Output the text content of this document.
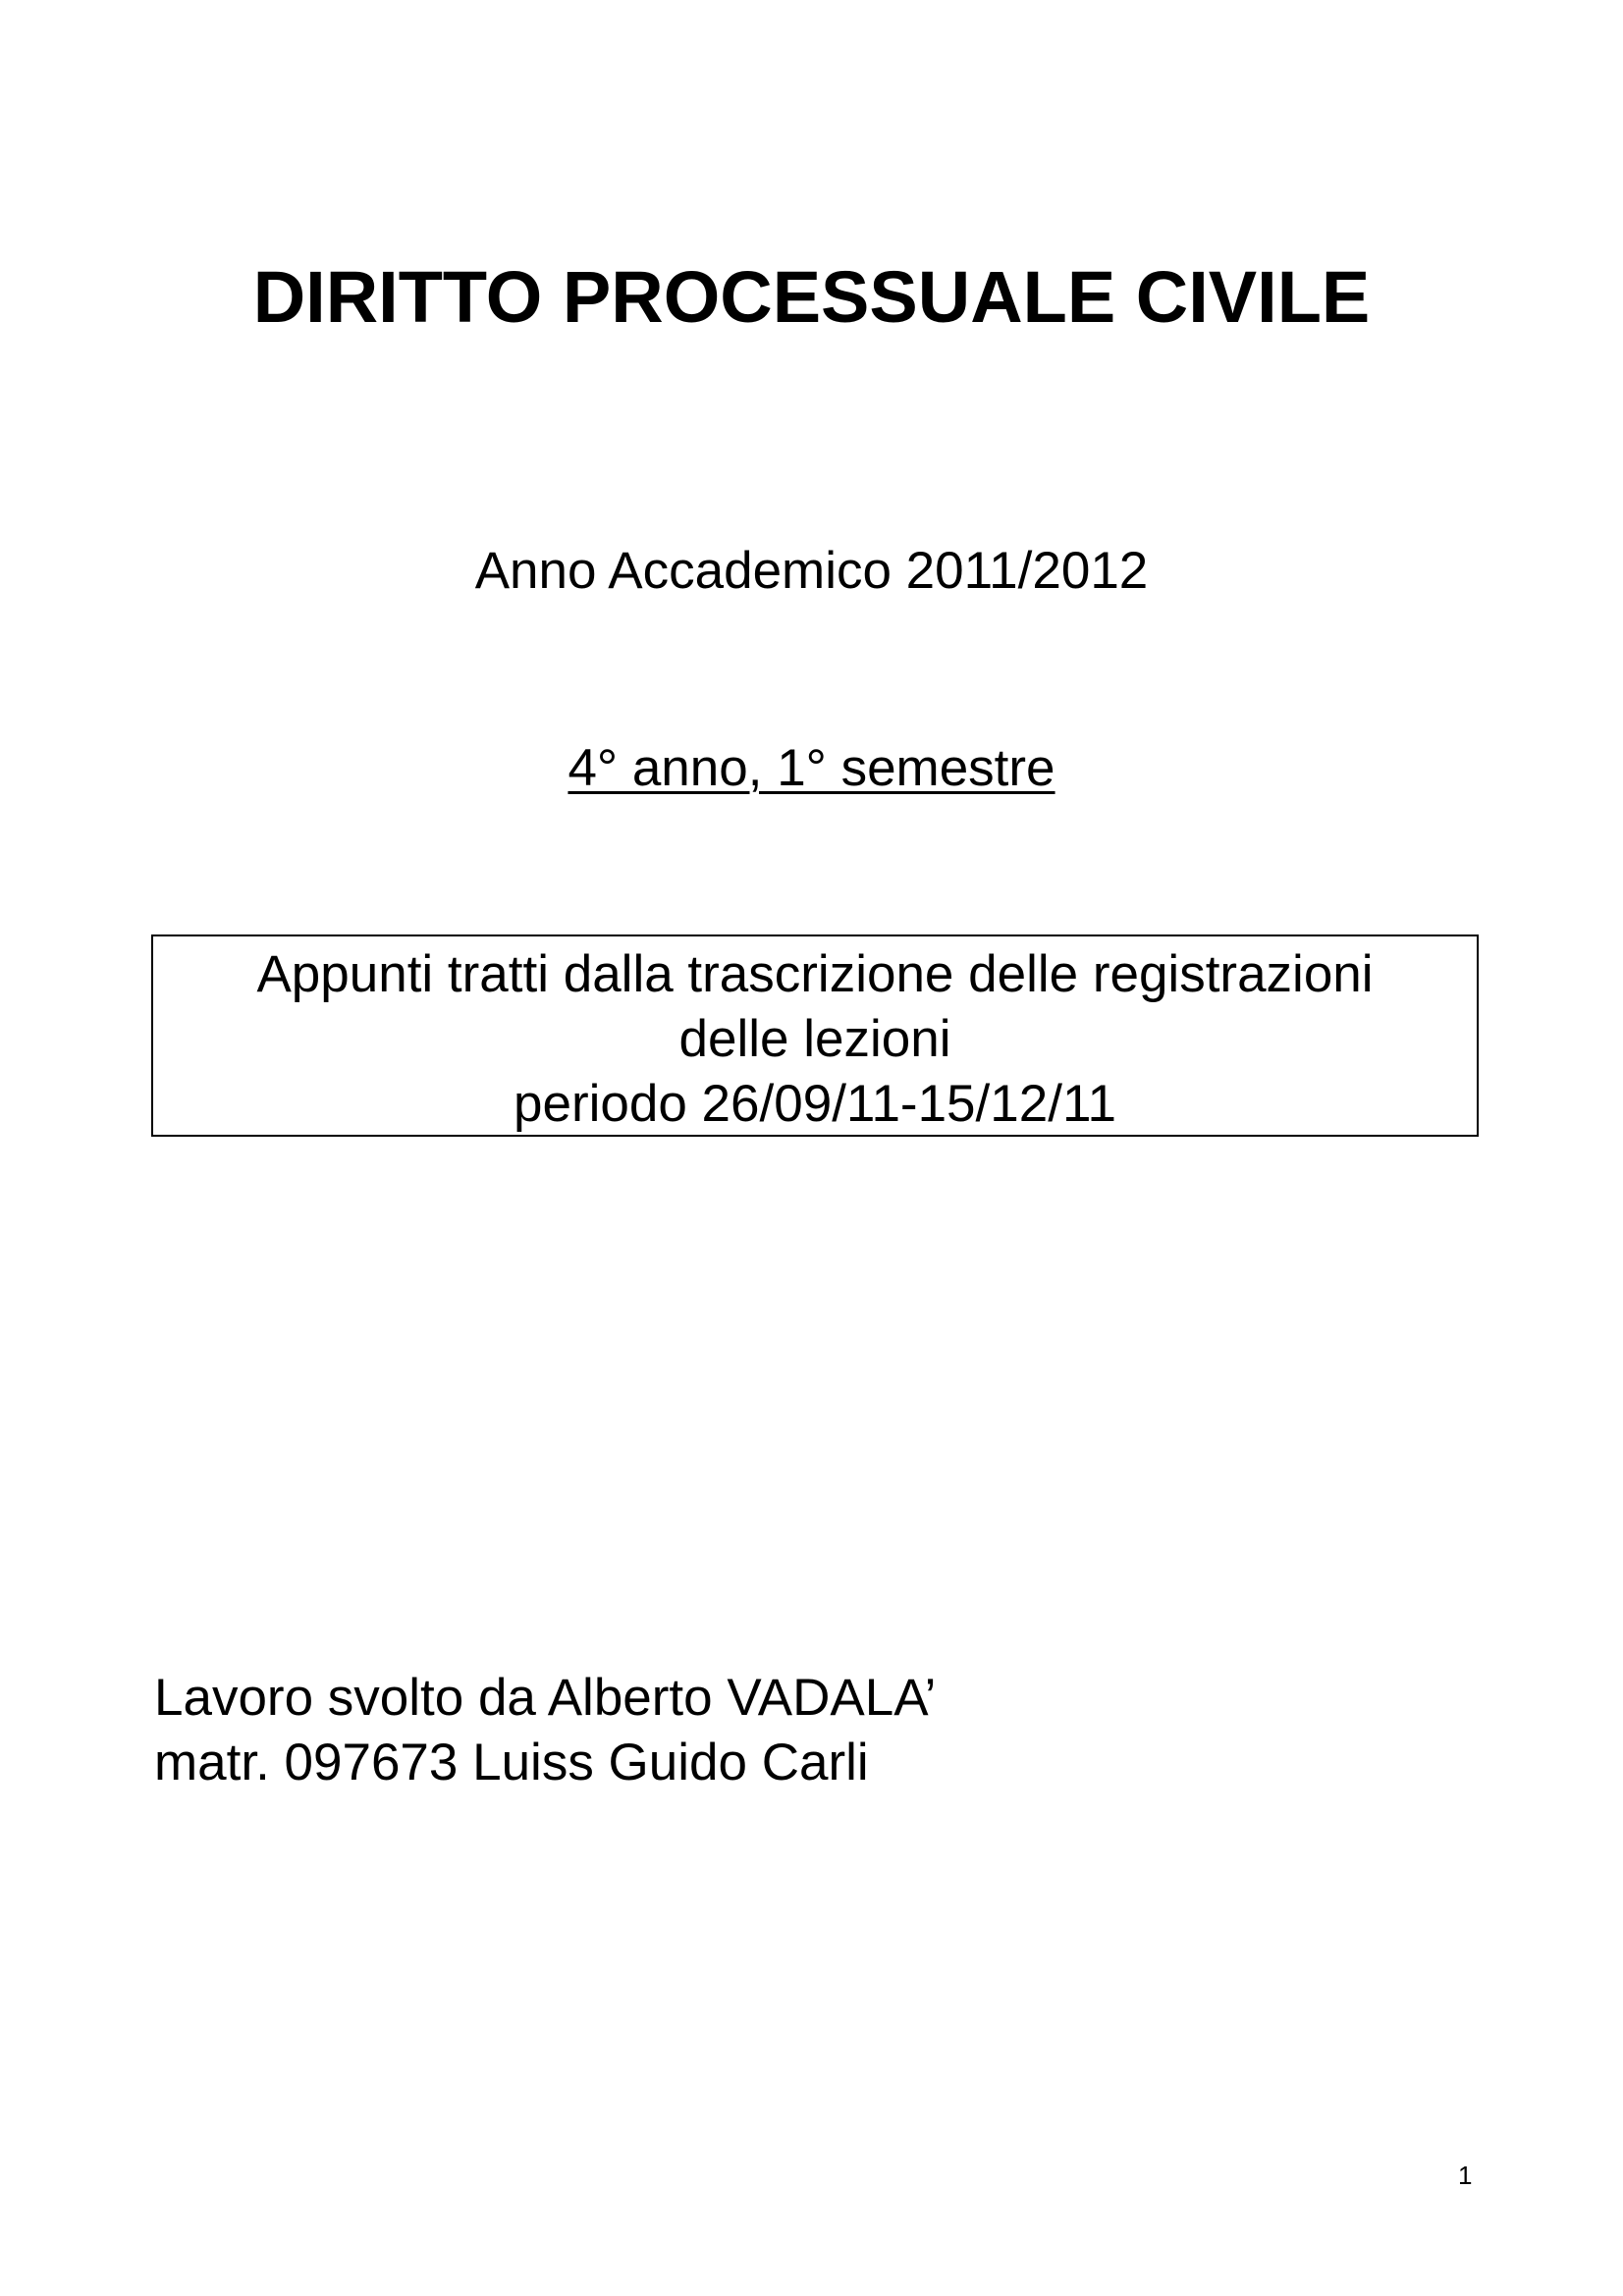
DIRITTO PROCESSUALE CIVILE
Anno Accademico 2011/2012
4° anno, 1° semestre
Appunti tratti dalla trascrizione delle registrazioni
delle lezioni
periodo 26/09/11-15/12/11
Lavoro svolto da Alberto VADALA’
matr. 097673 Luiss Guido Carli
1
